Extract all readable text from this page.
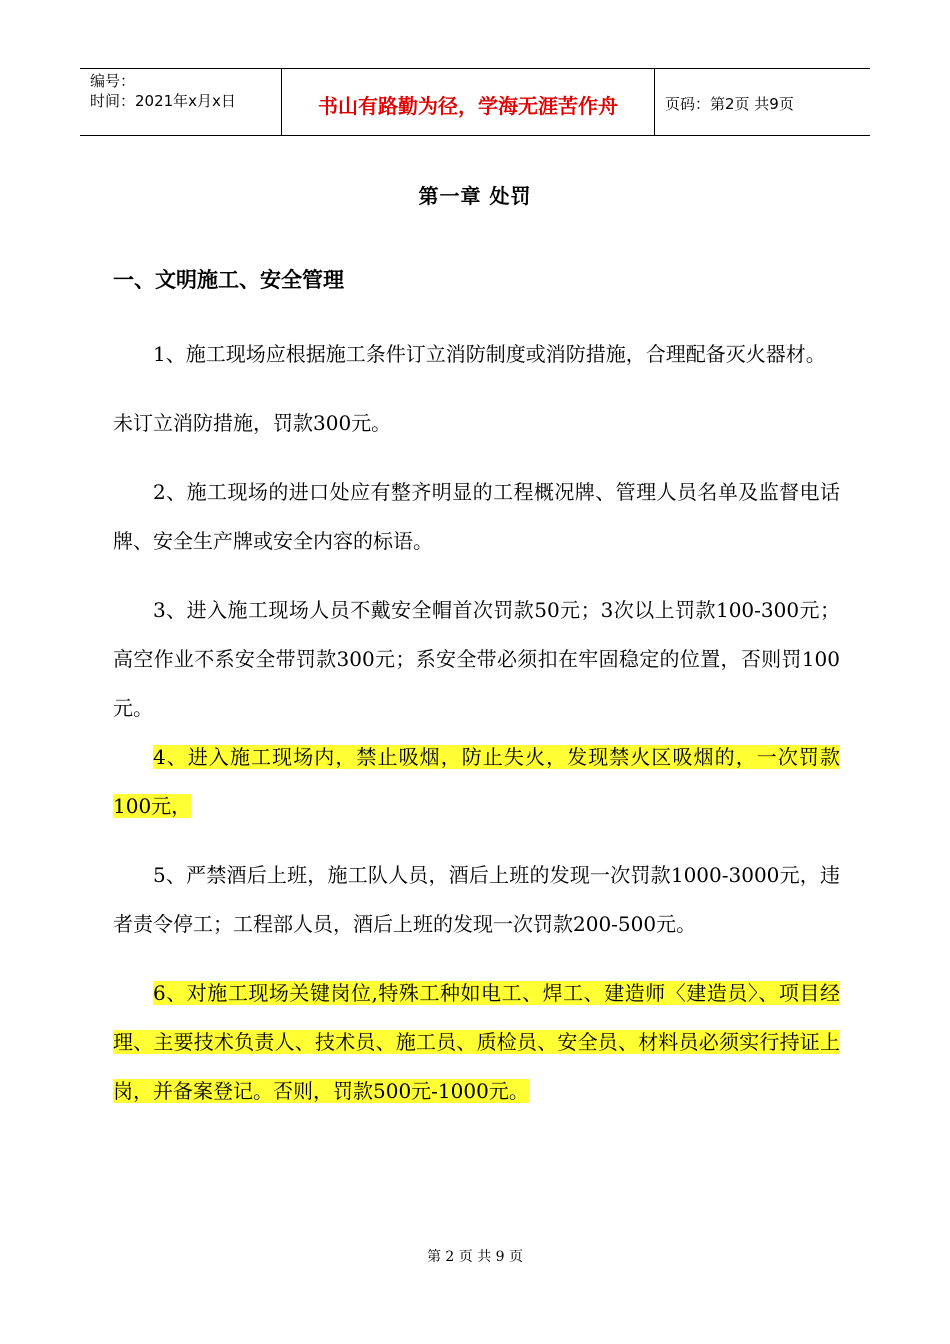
编号：
时间：2021年x月x日	书山有路勤为径，学海无涯苦作舟	页码：第2页 共9页
第一章 处罚
一、文明施工、安全管理

1、施工现场应根据施工条件订立消防制度或消防措施，合理配备灭火器材。

未订立消防措施，罚款300元。

2、施工现场的进口处应有整齐明显的工程概况牌、管理人员名单及监督电话牌、安全生产牌或安全内容的标语。

3、进入施工现场人员不戴安全帽首次罚款50元；3次以上罚款100-300元；高空作业不系安全带罚款300元；系安全带必须扣在牢固稳定的位置，否则罚100元。

4、进入施工现场内，禁止吸烟，防止失火，发现禁火区吸烟的，一次罚款100元，

5、严禁酒后上班，施工队人员，酒后上班的发现一次罚款1000-3000元，违者责令停工；工程部人员，酒后上班的发现一次罚款200-500元。

6、对施工现场关键岗位,特殊工种如电工、焊工、建造师〈建造员〉、项目经理、主要技术负责人、技术员、施工员、质检员、安全员、材料员必须实行持证上岗，并备案登记。否则，罚款500元-1000元。

第 2 页 共 9 页
